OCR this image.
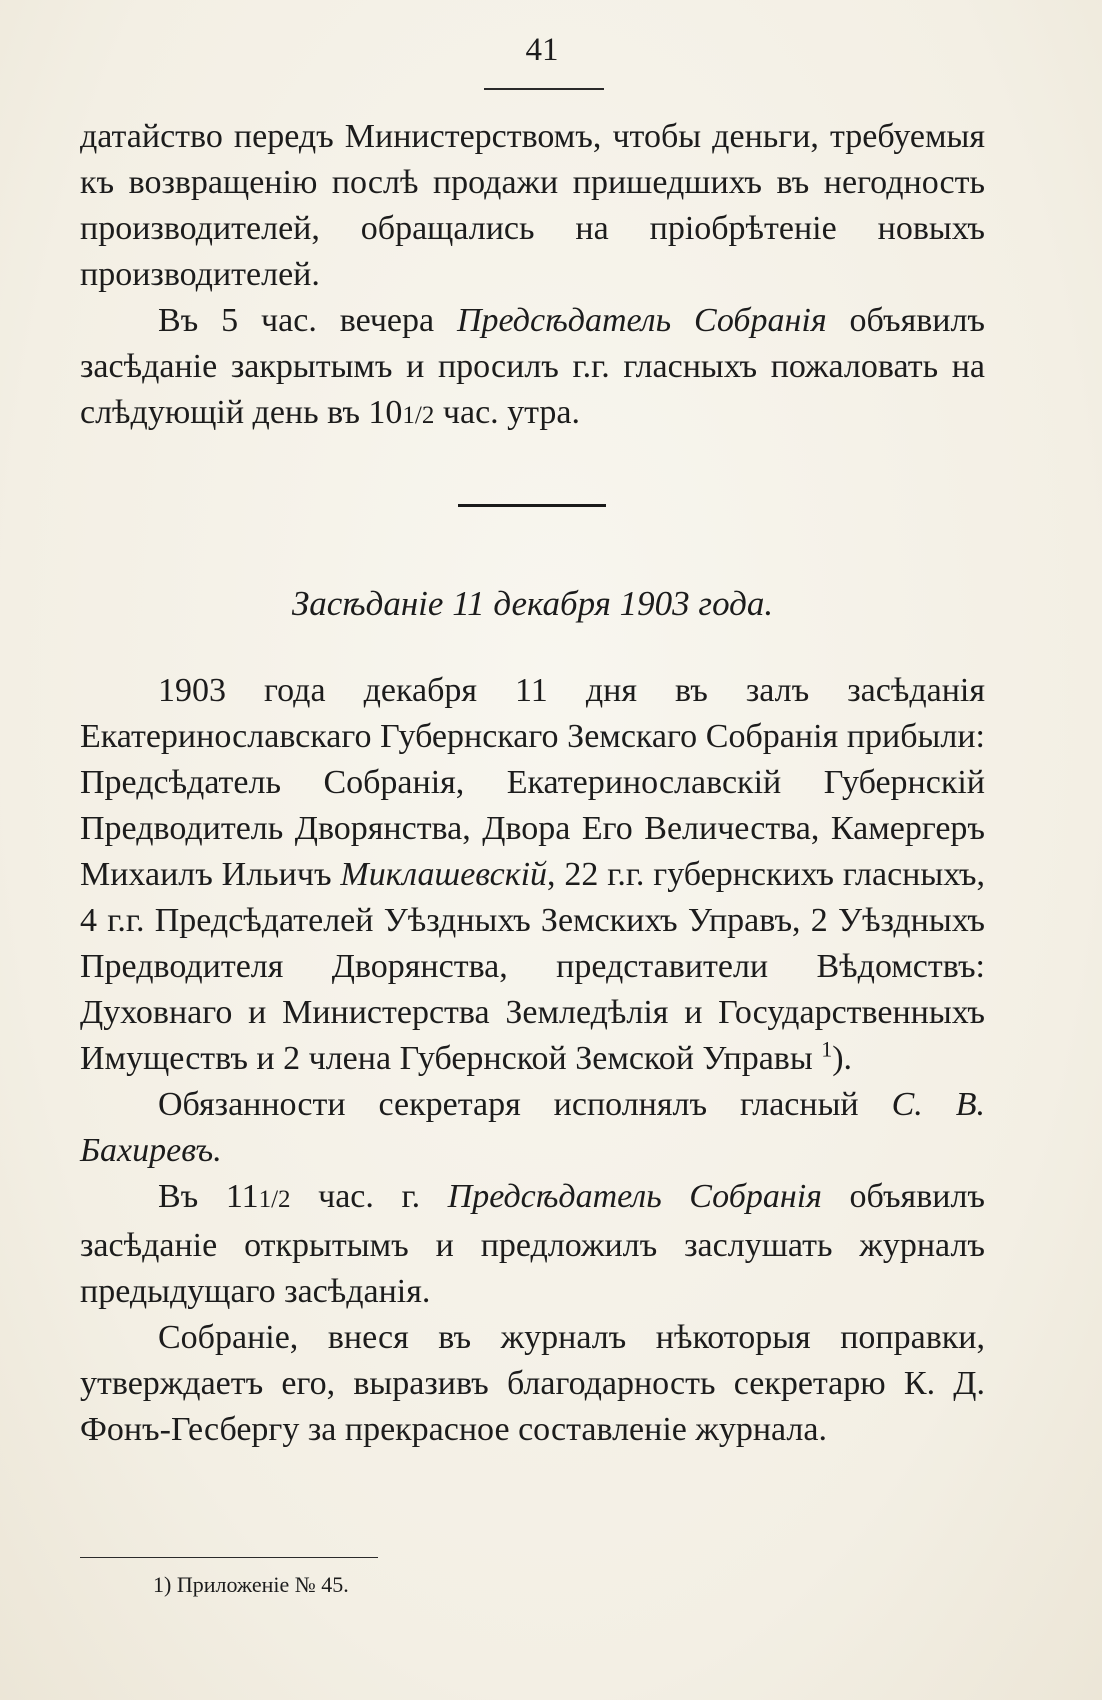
41

датайство передъ Министерствомъ, чтобы деньги, требуемыя къ возвращенію послѣ продажи пришедшихъ въ негодность производителей, обращались на пріобрѣтеніе новыхъ производителей.

Въ 5 час. вечера Предсѣдатель Собранія объявилъ засѣданіе закрытымъ и просилъ г.г. гласныхъ пожаловать на слѣдующій день въ 101/2 час. утра.

Засѣданіе 11 декабря 1903 года.

1903 года декабря 11 дня въ залъ засѣданія Екатеринославскаго Губернскаго Земскаго Собранія прибыли: Предсѣдатель Собранія, Екатеринославскій Губернскій Предводитель Дворянства, Двора Его Величества, Камергеръ Михаилъ Ильичъ Миклашевскій, 22 г.г. губернскихъ гласныхъ, 4 г.г. Предсѣдателей Уѣздныхъ Земскихъ Управъ, 2 Уѣздныхъ Предводителя Дворянства, представители Вѣдомствъ: Духовнаго и Министерства Земледѣлія и Государственныхъ Имуществъ и 2 члена Губернской Земской Управы $^1$).

Обязанности секретаря исполнялъ гласный С. В. Бахиревъ.

Въ 111/2 час. г. Предсѣдатель Собранія объявилъ засѣданіе открытымъ и предложилъ заслушать журналъ предыдущаго засѣданія.

Собраніе, внеся въ журналъ нѣкоторыя поправки, утверждаетъ его, выразивъ благодарность секретарю К. Д. Фонъ-Гесбергу за прекрасное составленіе журнала.

1) Приложеніе № 45.
